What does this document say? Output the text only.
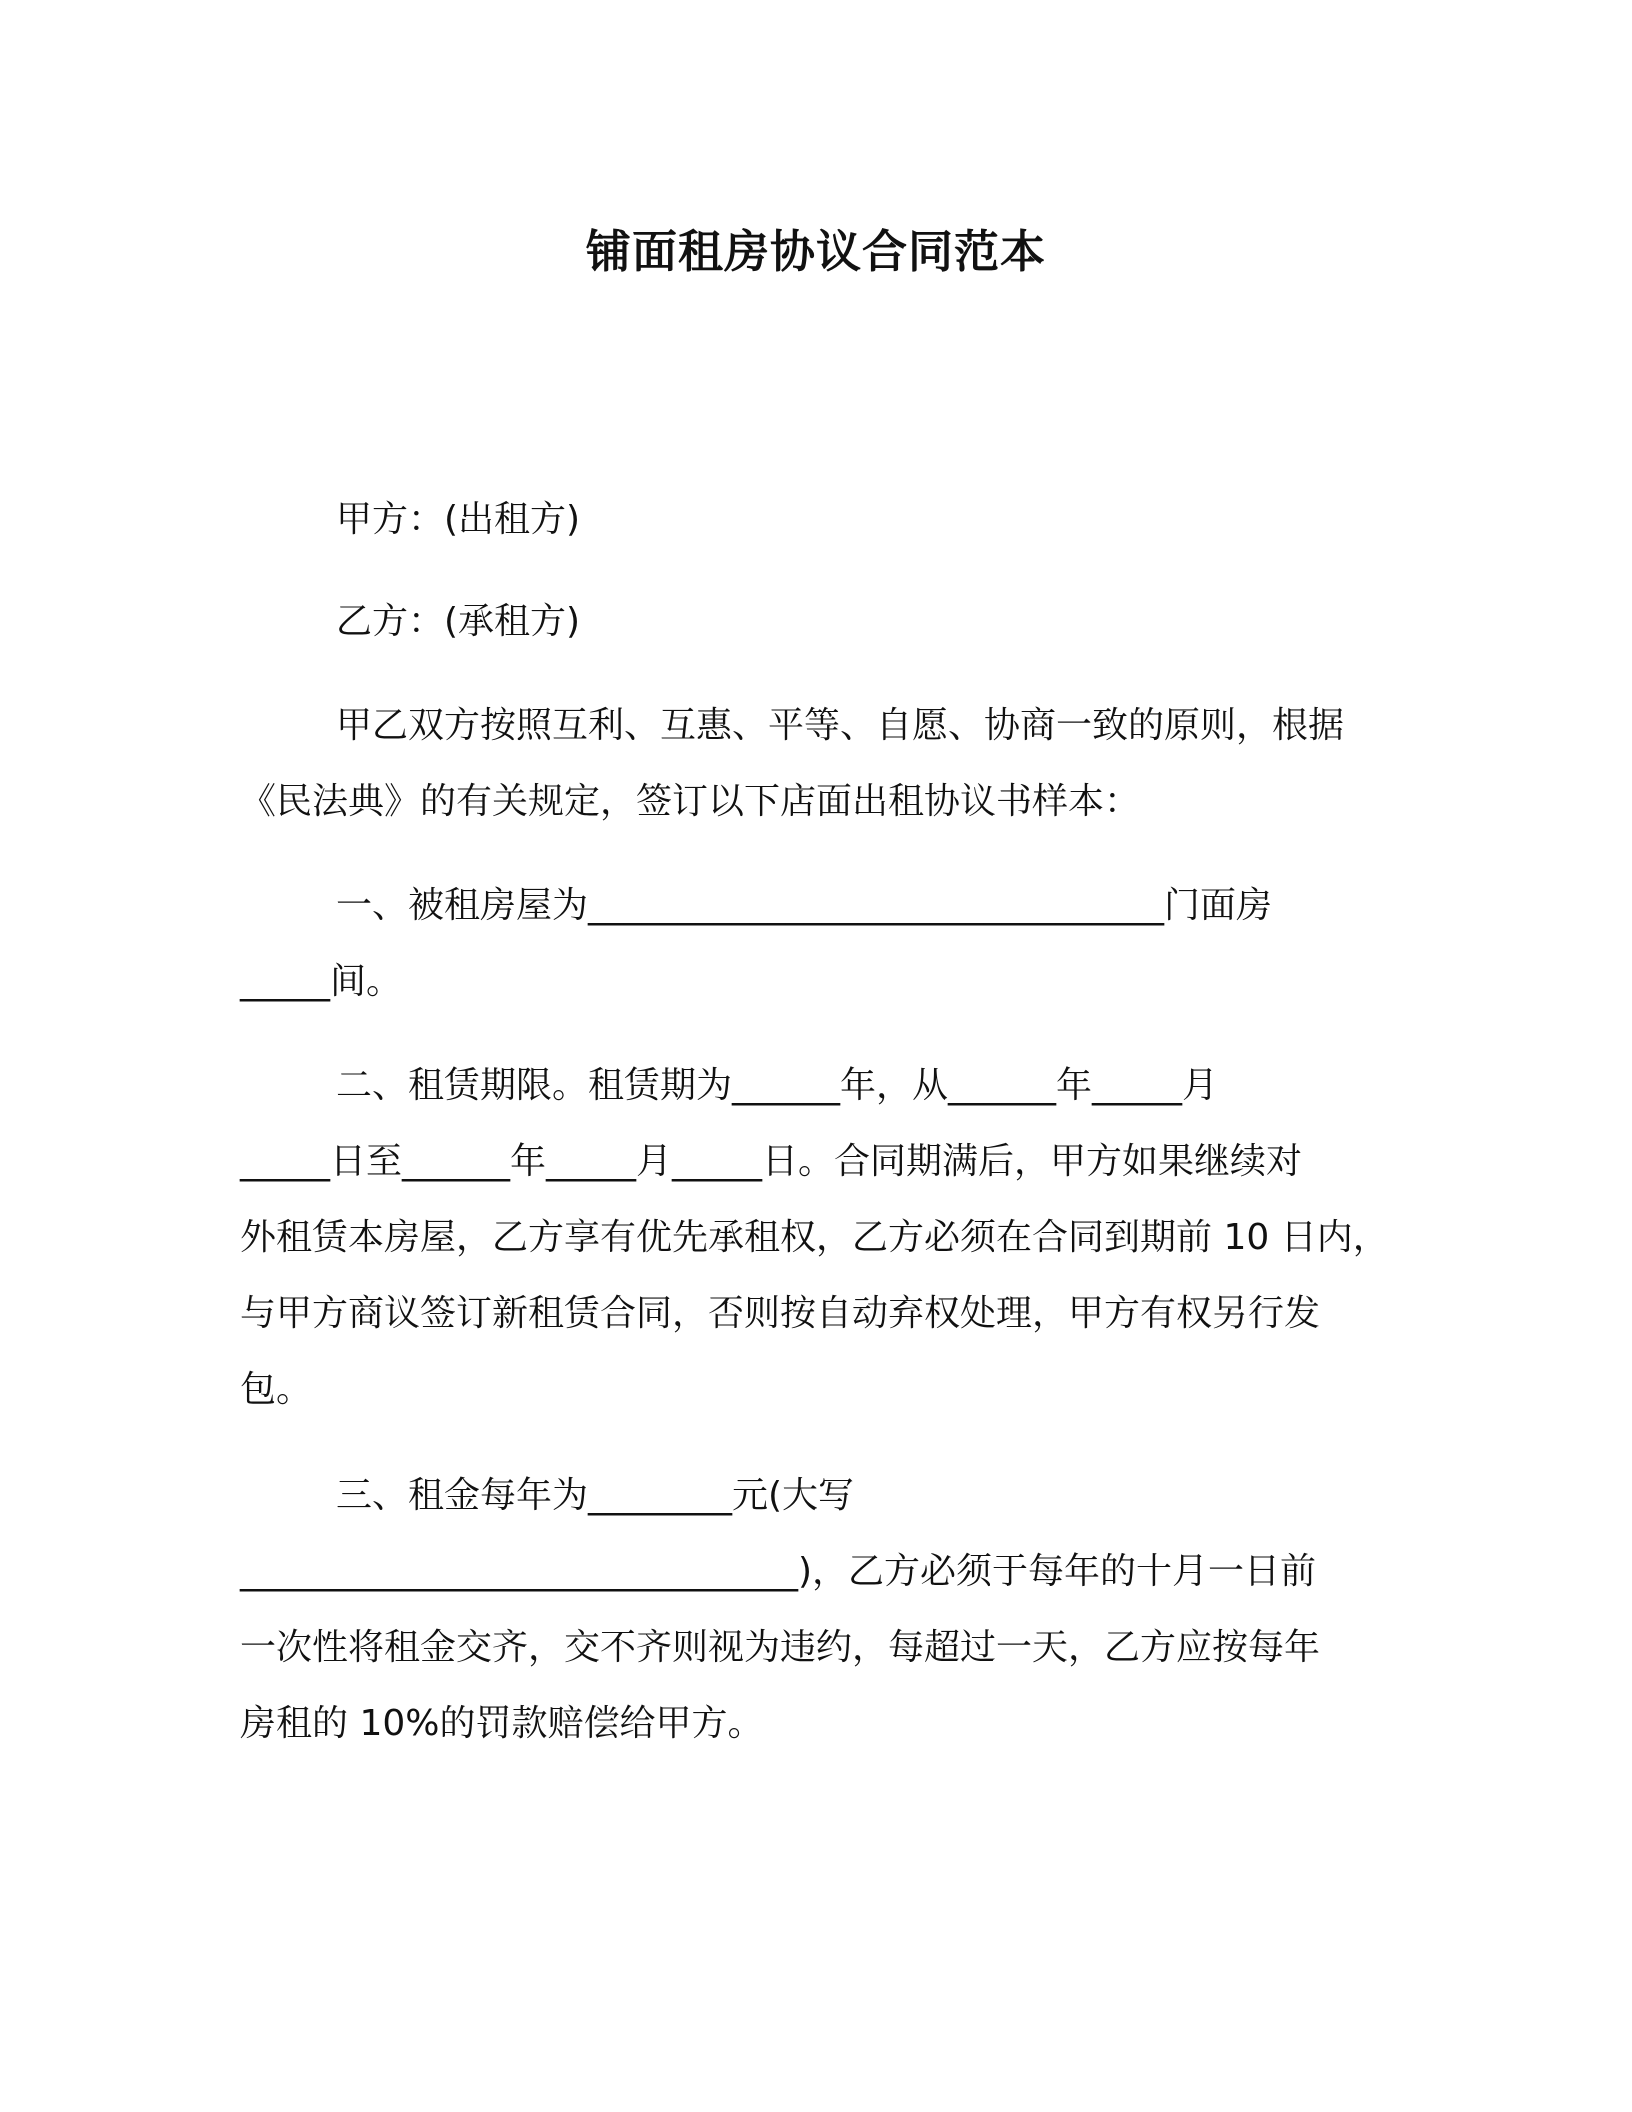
铺面租房协议合同范本
甲方：(出租方)
乙方：(承租方)
甲乙双方按照互利、互惠、平等、自愿、协商一致的原则，根据
《民法典》的有关规定，签订以下店面出租协议书样本：
一、被租房屋为________________________________门面房
_____间。
二、租赁期限。租赁期为______年，从______年_____月
_____日至______年_____月_____日。合同期满后，甲方如果继续对
外租赁本房屋，乙方享有优先承租权，乙方必须在合同到期前 10 日内，
与甲方商议签订新租赁合同，否则按自动弃权处理，甲方有权另行发
包。
三、租金每年为________元(大写
_______________________________)，乙方必须于每年的十月一日前
一次性将租金交齐，交不齐则视为违约，每超过一天，乙方应按每年
房租的 10%的罚款赔偿给甲方。
